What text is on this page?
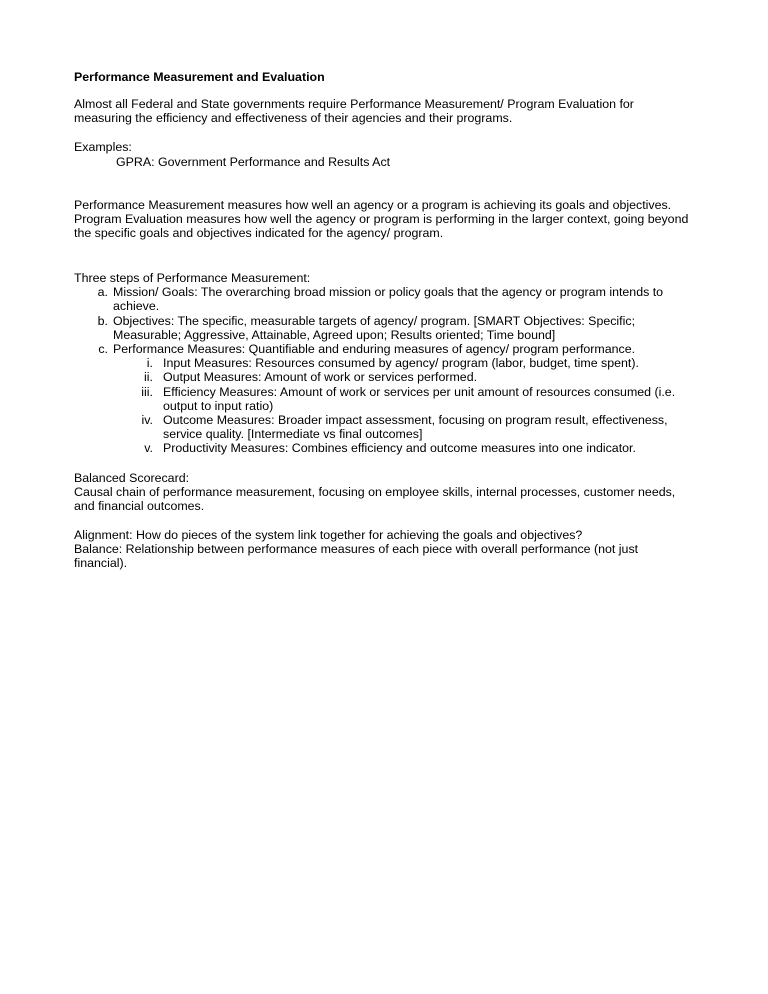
Performance Measurement and Evaluation
Almost all Federal and State governments require Performance Measurement/ Program Evaluation for
measuring the efficiency and effectiveness of their agencies and their programs.
Examples:
GPRA: Government Performance and Results Act
Performance Measurement measures how well an agency or a program is achieving its goals and objectives.
Program Evaluation measures how well the agency or program is performing in the larger context, going beyond
the specific goals and objectives indicated for the agency/ program.
Three steps of Performance Measurement:
a. Mission/ Goals: The overarching broad mission or policy goals that the agency or program intends to
achieve.
b. Objectives: The specific, measurable targets of agency/ program. [SMART Objectives: Specific;
Measurable; Aggressive, Attainable, Agreed upon; Results oriented; Time bound]
c. Performance Measures: Quantifiable and enduring measures of agency/ program performance.
i. Input Measures: Resources consumed by agency/ program (labor, budget, time spent).
ii. Output Measures: Amount of work or services performed.
iii. Efficiency Measures: Amount of work or services per unit amount of resources consumed (i.e.
output to input ratio)
iv. Outcome Measures: Broader impact assessment, focusing on program result, effectiveness,
service quality. [Intermediate vs final outcomes]
v. Productivity Measures: Combines efficiency and outcome measures into one indicator.
Balanced Scorecard:
Causal chain of performance measurement, focusing on employee skills, internal processes, customer needs,
and financial outcomes.
Alignment: How do pieces of the system link together for achieving the goals and objectives?
Balance: Relationship between performance measures of each piece with overall performance (not just
financial).
